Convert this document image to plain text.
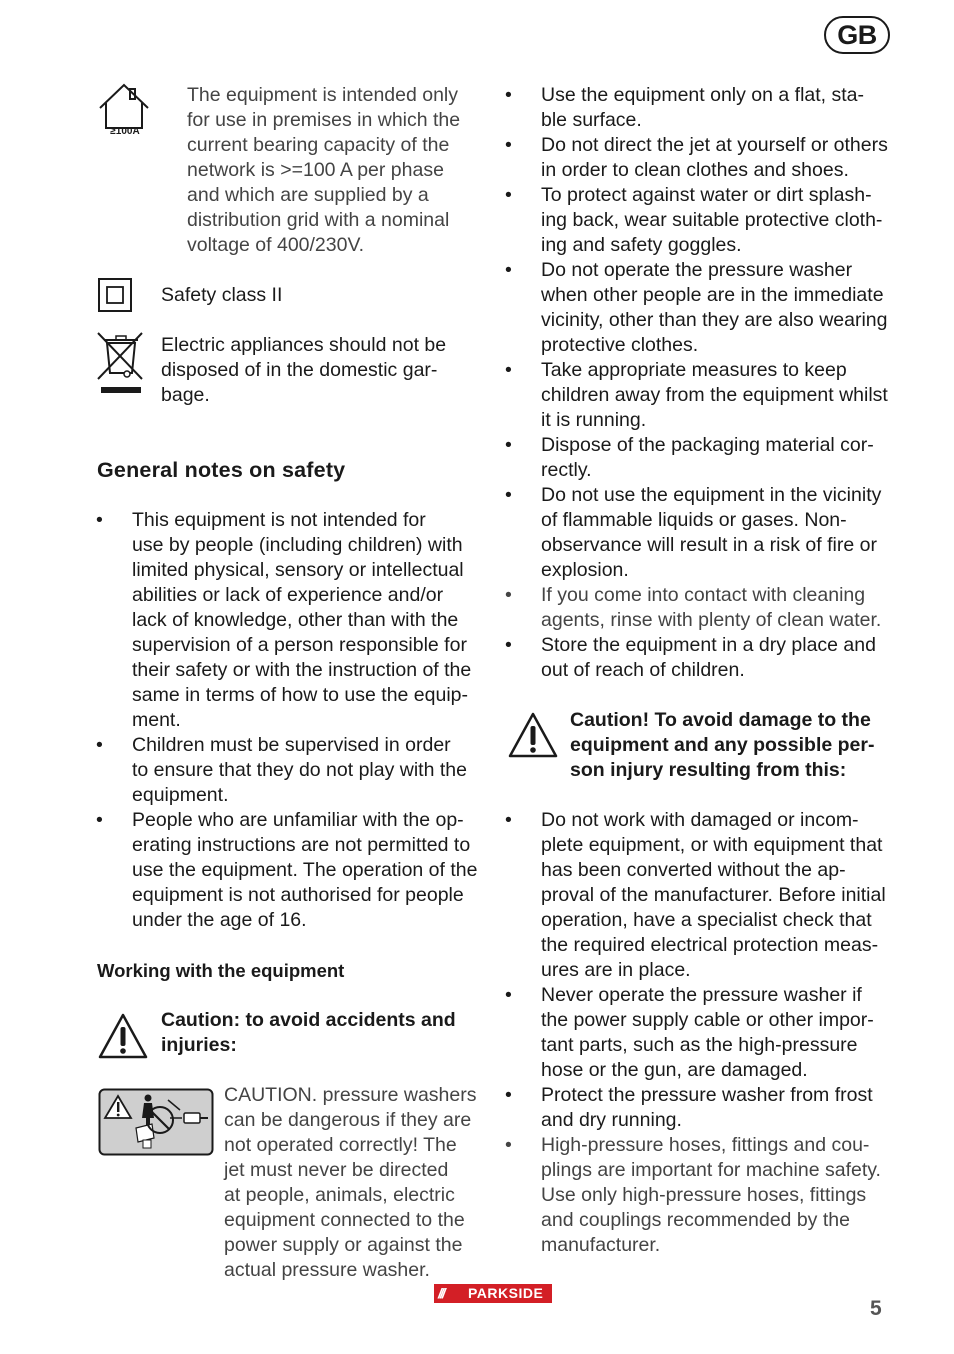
GB
≥100A

The equipment is intended only

for use in premises in which the

current bearing capacity of the

network is >=100 A per phase

and which are supplied by a

distribution grid with a nominal

voltage of 400/230V.

Safety class II

Electric appliances should not be

disposed of in the domestic gar-

bage.

General notes on safety
• This equipment is not intended for
use by people (including children) with
limited physical, sensory or intellectual
abilities or lack of experience and/or
lack of knowledge, other than with the
supervision of a person responsible for
their safety or with the instruction of the
same in terms of how to use the equip-
ment.
• Children must be supervised in order
to ensure that they do not play with the
equipment.
• People who are unfamiliar with the op-
erating instructions are not permitted to
use the equipment. The operation of the
equipment is not authorised for people
under the age of 16.
Working with the equipment

Caution: to avoid accidents and

injuries:

CAUTION. pressure washers

can be dangerous if they are

not operated correctly! The

jet must never be directed

at people, animals, electric

equipment connected to the

power supply or against the

actual pressure washer.

• Use the equipment only on a flat, sta-
ble surface.
• Do not direct the jet at yourself or others
in order to clean clothes and shoes.
• To protect against water or dirt splash-
ing back, wear suitable protective cloth-
ing and safety goggles.
• Do not operate the pressure washer
when other people are in the immediate
vicinity, other than they are also wearing
protective clothes.
• Take appropriate measures to keep
children away from the equipment whilst
it is running.
• Dispose of the packaging material cor-
rectly.
• Do not use the equipment in the vicinity
of flammable liquids or gases. Non-
observance will result in a risk of fire or
explosion.
• If you come into contact with cleaning
agents, rinse with plenty of clean water.
• Store the equipment in a dry place and
out of reach of children.

Caution! To avoid damage to the

equipment and any possible per-

son injury resulting from this:

• Do not work with damaged or incom-
plete equipment, or with equipment that
has been converted without the ap-
proval of the manufacturer. Before initial
operation, have a specialist check that
the required electrical protection meas-
ures are in place.
• Never operate the pressure washer if
the power supply cable or other impor-
tant parts, such as the high-pressure
hose or the gun, are damaged.
• Protect the pressure washer from frost
and dry running.
• High-pressure hoses, fittings and cou-
plings are important for machine safety.
Use only high-pressure hoses, fittings
and couplings recommended by the
manufacturer.
/// PARKSIDE
5
